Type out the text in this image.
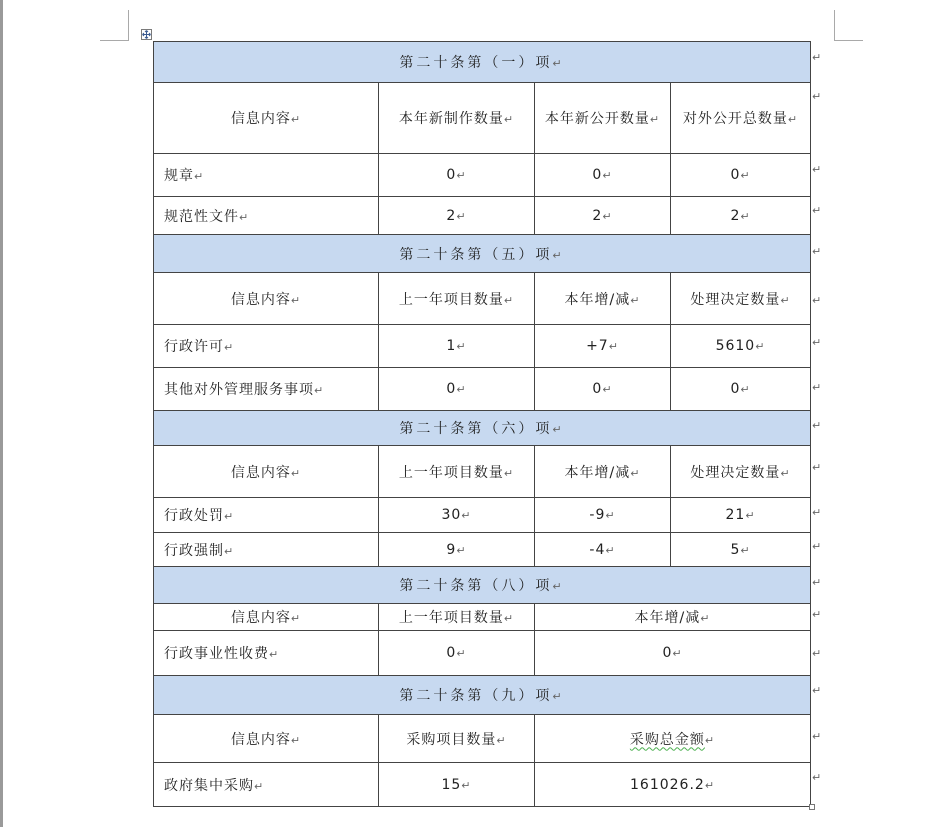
第二十条第（一）项↵			
信息内容↵	本年新制作数量↵	本年新公开数量↵	对外公开总数量↵
规章↵	0↵	0↵	0↵
规范性文件↵	2↵	2↵	2↵
第二十条第（五）项↵			
信息内容↵	上一年项目数量↵	本年增/减↵	处理决定数量↵
行政许可↵	1↵	+7↵	5610↵
其他对外管理服务事项↵	0↵	0↵	0↵
第二十条第（六）项↵			
信息内容↵	上一年项目数量↵	本年增/减↵	处理决定数量↵
行政处罚↵	30↵	-9↵	21↵
行政强制↵	9↵	-4↵	5↵
第二十条第（八）项↵			
信息内容↵	上一年项目数量↵	本年增/减↵	
行政事业性收费↵	0↵	0↵	
第二十条第（九）项↵			
信息内容↵	采购项目数量↵	采购总金额↵	
政府集中采购↵	15↵	161026.2↵	
↵
↵
↵
↵
↵
↵
↵
↵
↵
↵
↵
↵
↵
↵
↵
↵
↵
↵
